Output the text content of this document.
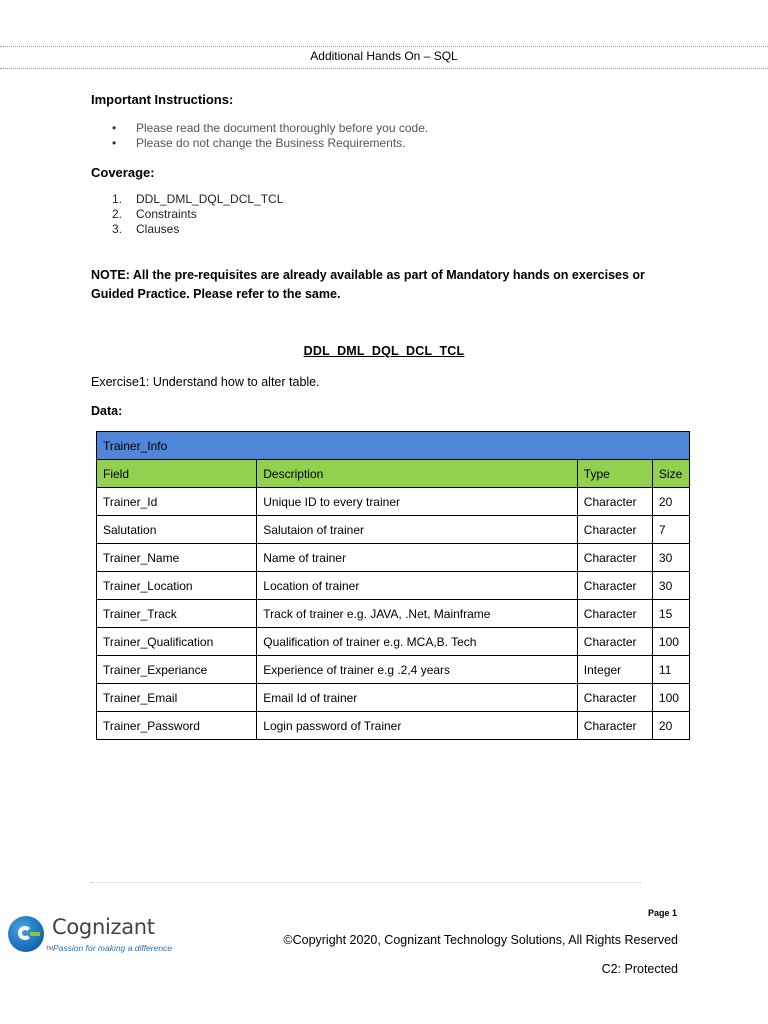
Additional Hands On – SQL
Important Instructions:
• Please read the document thoroughly before you code.
• Please do not change the Business Requirements.
Coverage:
1. DDL_DML_DQL_DCL_TCL
2. Constraints
3. Clauses
NOTE: All the pre-requisites are already available as part of Mandatory hands on exercises or Guided Practice. Please refer to the same.
DDL_DML_DQL_DCL_TCL
Exercise1: Understand how to alter table.
Data:
Trainer_Info			
Field	Description	Type	Size
Trainer_Id	Unique ID to every trainer	Character	20
Salutation	Salutaion of trainer	Character	7
Trainer_Name	Name of trainer	Character	30
Trainer_Location	Location of trainer	Character	30
Trainer_Track	Track of trainer e.g. JAVA, .Net, Mainframe	Character	15
Trainer_Qualification	Qualification of trainer e.g. MCA,B. Tech	Character	100
Trainer_Experiance	Experience of trainer e.g .2,4 years	Integer	11
Trainer_Email	Email Id of trainer	Character	100
Trainer_Password	Login password of Trainer	Character	20
TM
Cognizant
Passion for making a difference
Page 1
©Copyright 2020, Cognizant Technology Solutions, All Rights Reserved
C2: Protected
